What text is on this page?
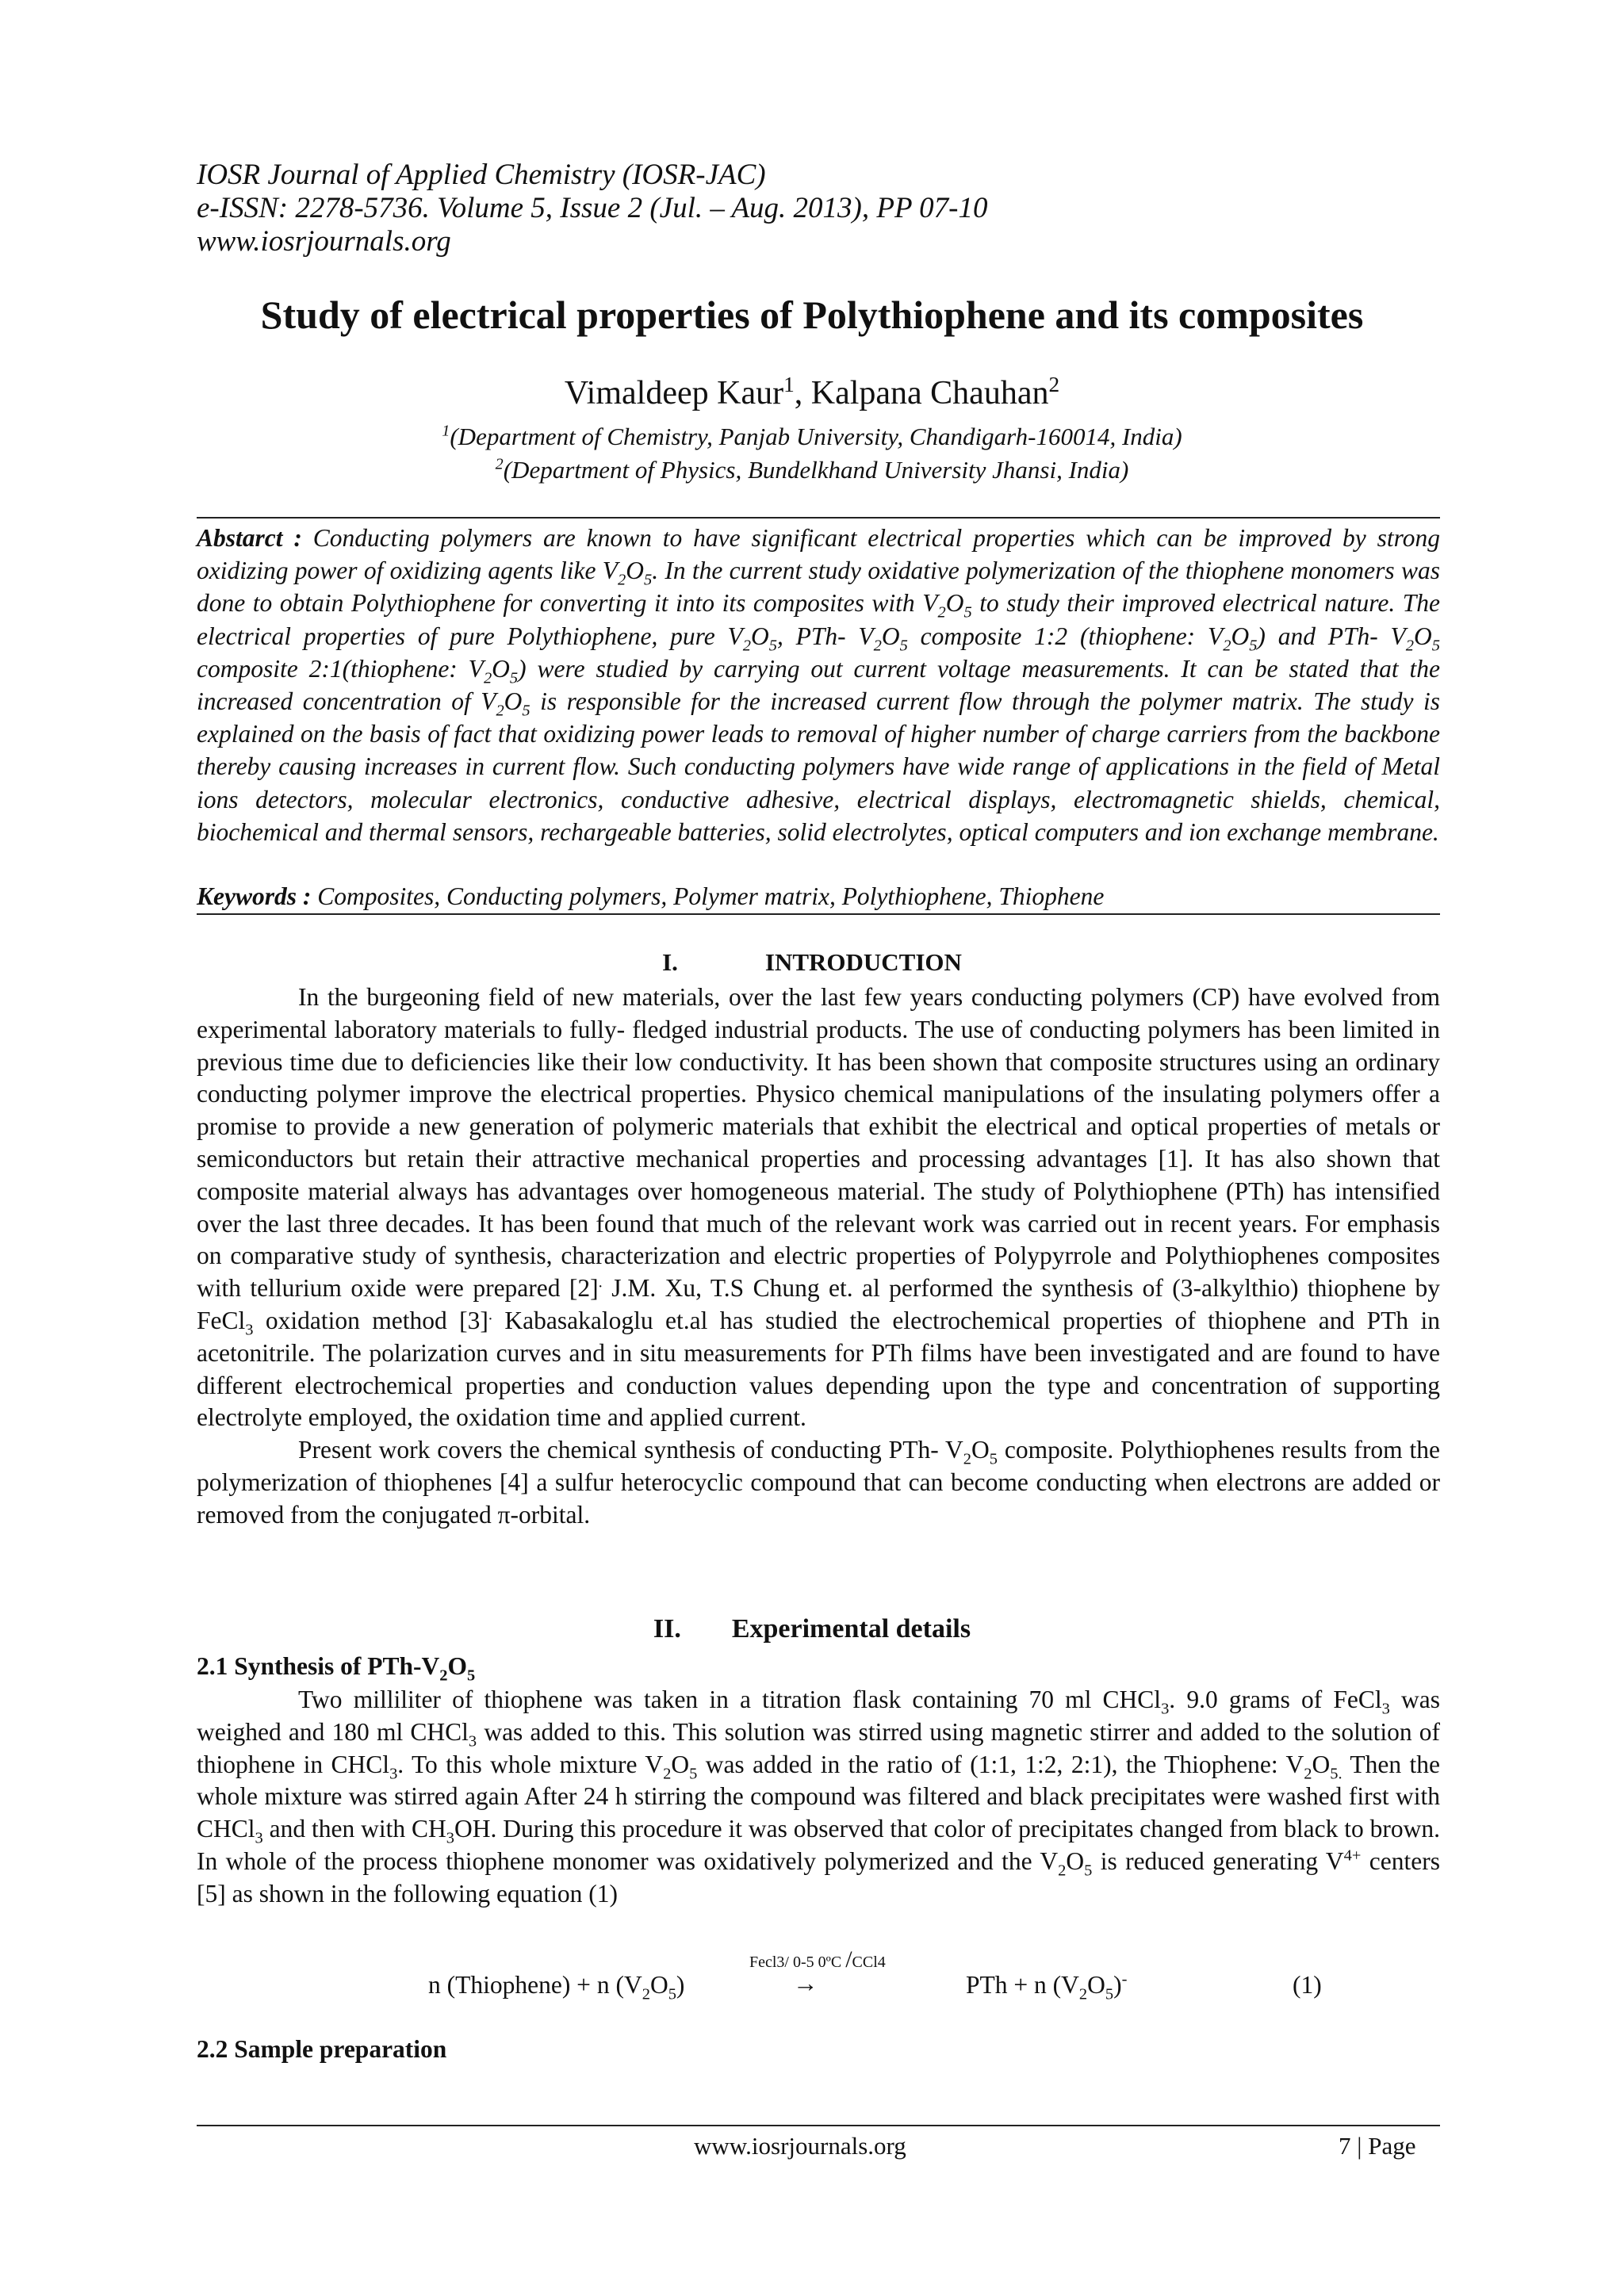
IOSR Journal of Applied Chemistry (IOSR-JAC)
e-ISSN: 2278-5736. Volume 5, Issue 2 (Jul. – Aug. 2013), PP 07-10
www.iosrjournals.org
Study of electrical properties of Polythiophene and its composites
Vimaldeep Kaur$^1$, Kalpana Chauhan$^2$
$^1$(Department of Chemistry, Panjab University, Chandigarh-160014, India)
$^2$(Department of Physics, Bundelkhand University Jhansi, India)

Abstarct : Conducting polymers are known to have significant electrical properties which can be improved by strong oxidizing power of oxidizing agents like $V_2O_5$. In the current study oxidative polymerization of the thiophene monomers was done to obtain Polythiophene for converting it into its composites with $V_2O_5$ to study their improved electrical nature. The electrical properties of pure Polythiophene, pure $V_2O_5$, PTh- $V_2O_5$ composite 1:2 (thiophene: $V_2O_5$) and PTh- $V_2O_5$ composite 2:1(thiophene: $V_2O_5$) were studied by carrying out current voltage measurements. It can be stated that the increased concentration of $V_2O_5$ is responsible for the increased current flow through the polymer matrix. The study is explained on the basis of fact that oxidizing power leads to removal of higher number of charge carriers from the backbone thereby causing increases in current flow. Such conducting polymers have wide range of applications in the field of Metal ions detectors, molecular electronics, conductive adhesive, electrical displays, electromagnetic shields, chemical, biochemical and thermal sensors, rechargeable batteries, solid electrolytes, optical computers and ion exchange membrane.

Keywords : Composites, Conducting polymers, Polymer matrix, Polythiophene, Thiophene
I.	INTRODUCTION

In the burgeoning field of new materials, over the last few years conducting polymers (CP) have evolved from experimental laboratory materials to fully- fledged industrial products. The use of conducting polymers has been limited in previous time due to deficiencies like their low conductivity. It has been shown that composite structures using an ordinary conducting polymer improve the electrical properties. Physico chemical manipulations of the insulating polymers offer a promise to provide a new generation of polymeric materials that exhibit the electrical and optical properties of metals or semiconductors but retain their attractive mechanical properties and processing advantages [1]. It has also shown that composite material always has advantages over homogeneous material. The study of Polythiophene (PTh) has intensified over the last three decades. It has been found that much of the relevant work was carried out in recent years. For emphasis on comparative study of synthesis, characterization and electric properties of Polypyrrole and Polythiophenes composites with tellurium oxide were prepared [2]. J.M. Xu, T.S Chung et. al performed the synthesis of (3-alkylthio) thiophene by FeCl$_3$ oxidation method [3]. Kabasakaloglu et.al has studied the electrochemical properties of thiophene and PTh in acetonitrile. The polarization curves and in situ measurements for PTh films have been investigated and are found to have different electrochemical properties and conduction values depending upon the type and concentration of supporting electrolyte employed, the oxidation time and applied current.

Present work covers the chemical synthesis of conducting PTh- $V_2O_5$ composite. Polythiophenes results from the polymerization of thiophenes [4] a sulfur heterocyclic compound that can become conducting when electrons are added or removed from the conjugated π-orbital.

II. Experimental details
2.1 Synthesis of PTh-$V_2O_5$

Two milliliter of thiophene was taken in a titration flask containing 70 ml CHCl$_3$. 9.0 grams of FeCl$_3$ was weighed and 180 ml CHCl$_3$ was added to this. This solution was stirred using magnetic stirrer and added to the solution of thiophene in CHCl$_3$. To this whole mixture $V_2O_5$ was added in the ratio of (1:1, 1:2, 2:1), the Thiophene: $V_2O_{5.}$ Then the whole mixture was stirred again After 24 h stirring the compound was filtered and black precipitates were washed first with CHCl$_3$ and then with $CH_3OH$. During this procedure it was observed that color of precipitates changed from black to brown. In whole of the process thiophene monomer was oxidatively polymerized and the $V_2O_5$ is reduced generating $V^{4+}$ centers [5] as shown in the following equation (1)

Fecl3/ 0-5 0ºC /CCl4
n (Thiophene) + n $(V_2O_5)$	→	PTh + n $(V_2O_5)^-$	(1)
2.2 Sample preparation
www.iosrjournals.org	7 | Page
